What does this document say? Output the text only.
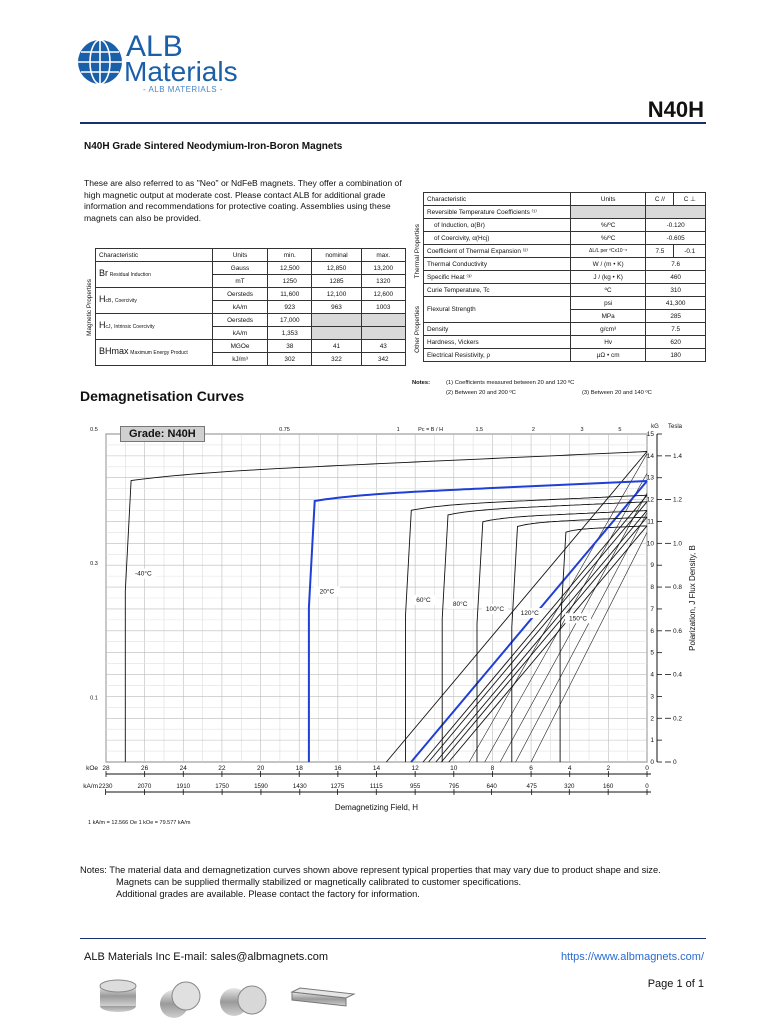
ALB
Materials
- ALB MATERIALS -
N40H
N40H Grade Sintered Neodymium-Iron-Boron Magnets
These are also referred to as "Neo" or NdFeB magnets. They offer a combination of high magnetic output at moderate cost. Please contact ALB for additional grade information and recommendations for protective coating. Assemblies using these magnets can also be provided.
Magnetic Properties	Characteristic	Units	min.	nominal	max.
	Br Residual Induction	Gauss	12,500	12,850	13,200
		mT	1250	1285	1320
	HcB, Coercivity	Oersteds	11,600	12,100	12,600
		kA/m	923	963	1003
	HcJ, Intrinsic Coercivity	Oersteds	17,000		
		kA/m	1,353		
	BHmax Maximum Energy Product	MGOe	38	41	43
		kJ/m³	302	322	342
	Characteristic	Units	C //	C ⊥

Thermal Properties	Reversible Temperature Coefficients ⁽¹⁾			
	of Induction, α(Br)	%/ºC	-0.120	
	of Coercivity, α(Hcj)	%/ºC	-0.605	
	Coefficient of Thermal Expansion ⁽²⁾	ΔL/L per ºCx10⁻⁶	7.5	-0.1
	Thermal Conductivity	W / (m • K)	7.6	
	Specific Heat ⁽³⁾	J / (kg • K)	460	
	Curie Temperature, Tc	ºC	310	

Other Properties	Flexural Strength	psi	41,300	
		MPa	285	
	Density	g/cm³	7.5	
	Hardness, Vickers	Hv	620	
	Electrical Resistivity, ρ	μΩ • cm	180	
Notes:	(1) Coefficients measured between 20 and 120 ºC
(2) Between 20 and 200 ºC	(3) Between 20 and 140 ºC
Demagnetisation Curves
15
14
13
12
11
10
9
8
7
6
5
4
3
2
1
0
1.4
1.2
1.0
0.8
0.6
0.4
0.2
0
kG Tesla
Polarization, J Flux Density, B
28	26	24	22	20	18	16	14	12	10	8	6	4	2	0
2230	2070	1910	1750	1590	1430	1275	1115	955	795	640	475	320	160	0
kOe
kA/m
Demagnetizing Field, H
1 kA/m = 12.566 Oe 1 kOe = 79.577 kA/m
0.5	0.75	1	1.5	2	3	5
0.3
0.1
Pc = B / H
-40°C
20°C
60°C
80°C
100°C
120°C
150°C
Grade: N40H
Notes: The material data and demagnetization curves shown above represent typical properties that may vary due to product shape and size.
Magnets can be supplied thermally stabilized or magnetically calibrated to customer specifications.
Additional grades are available. Please contact the factory for information.
ALB Materials Inc E-mail: sales@albmagnets.com	https://www.albmagnets.com/
Page 1 of 1
